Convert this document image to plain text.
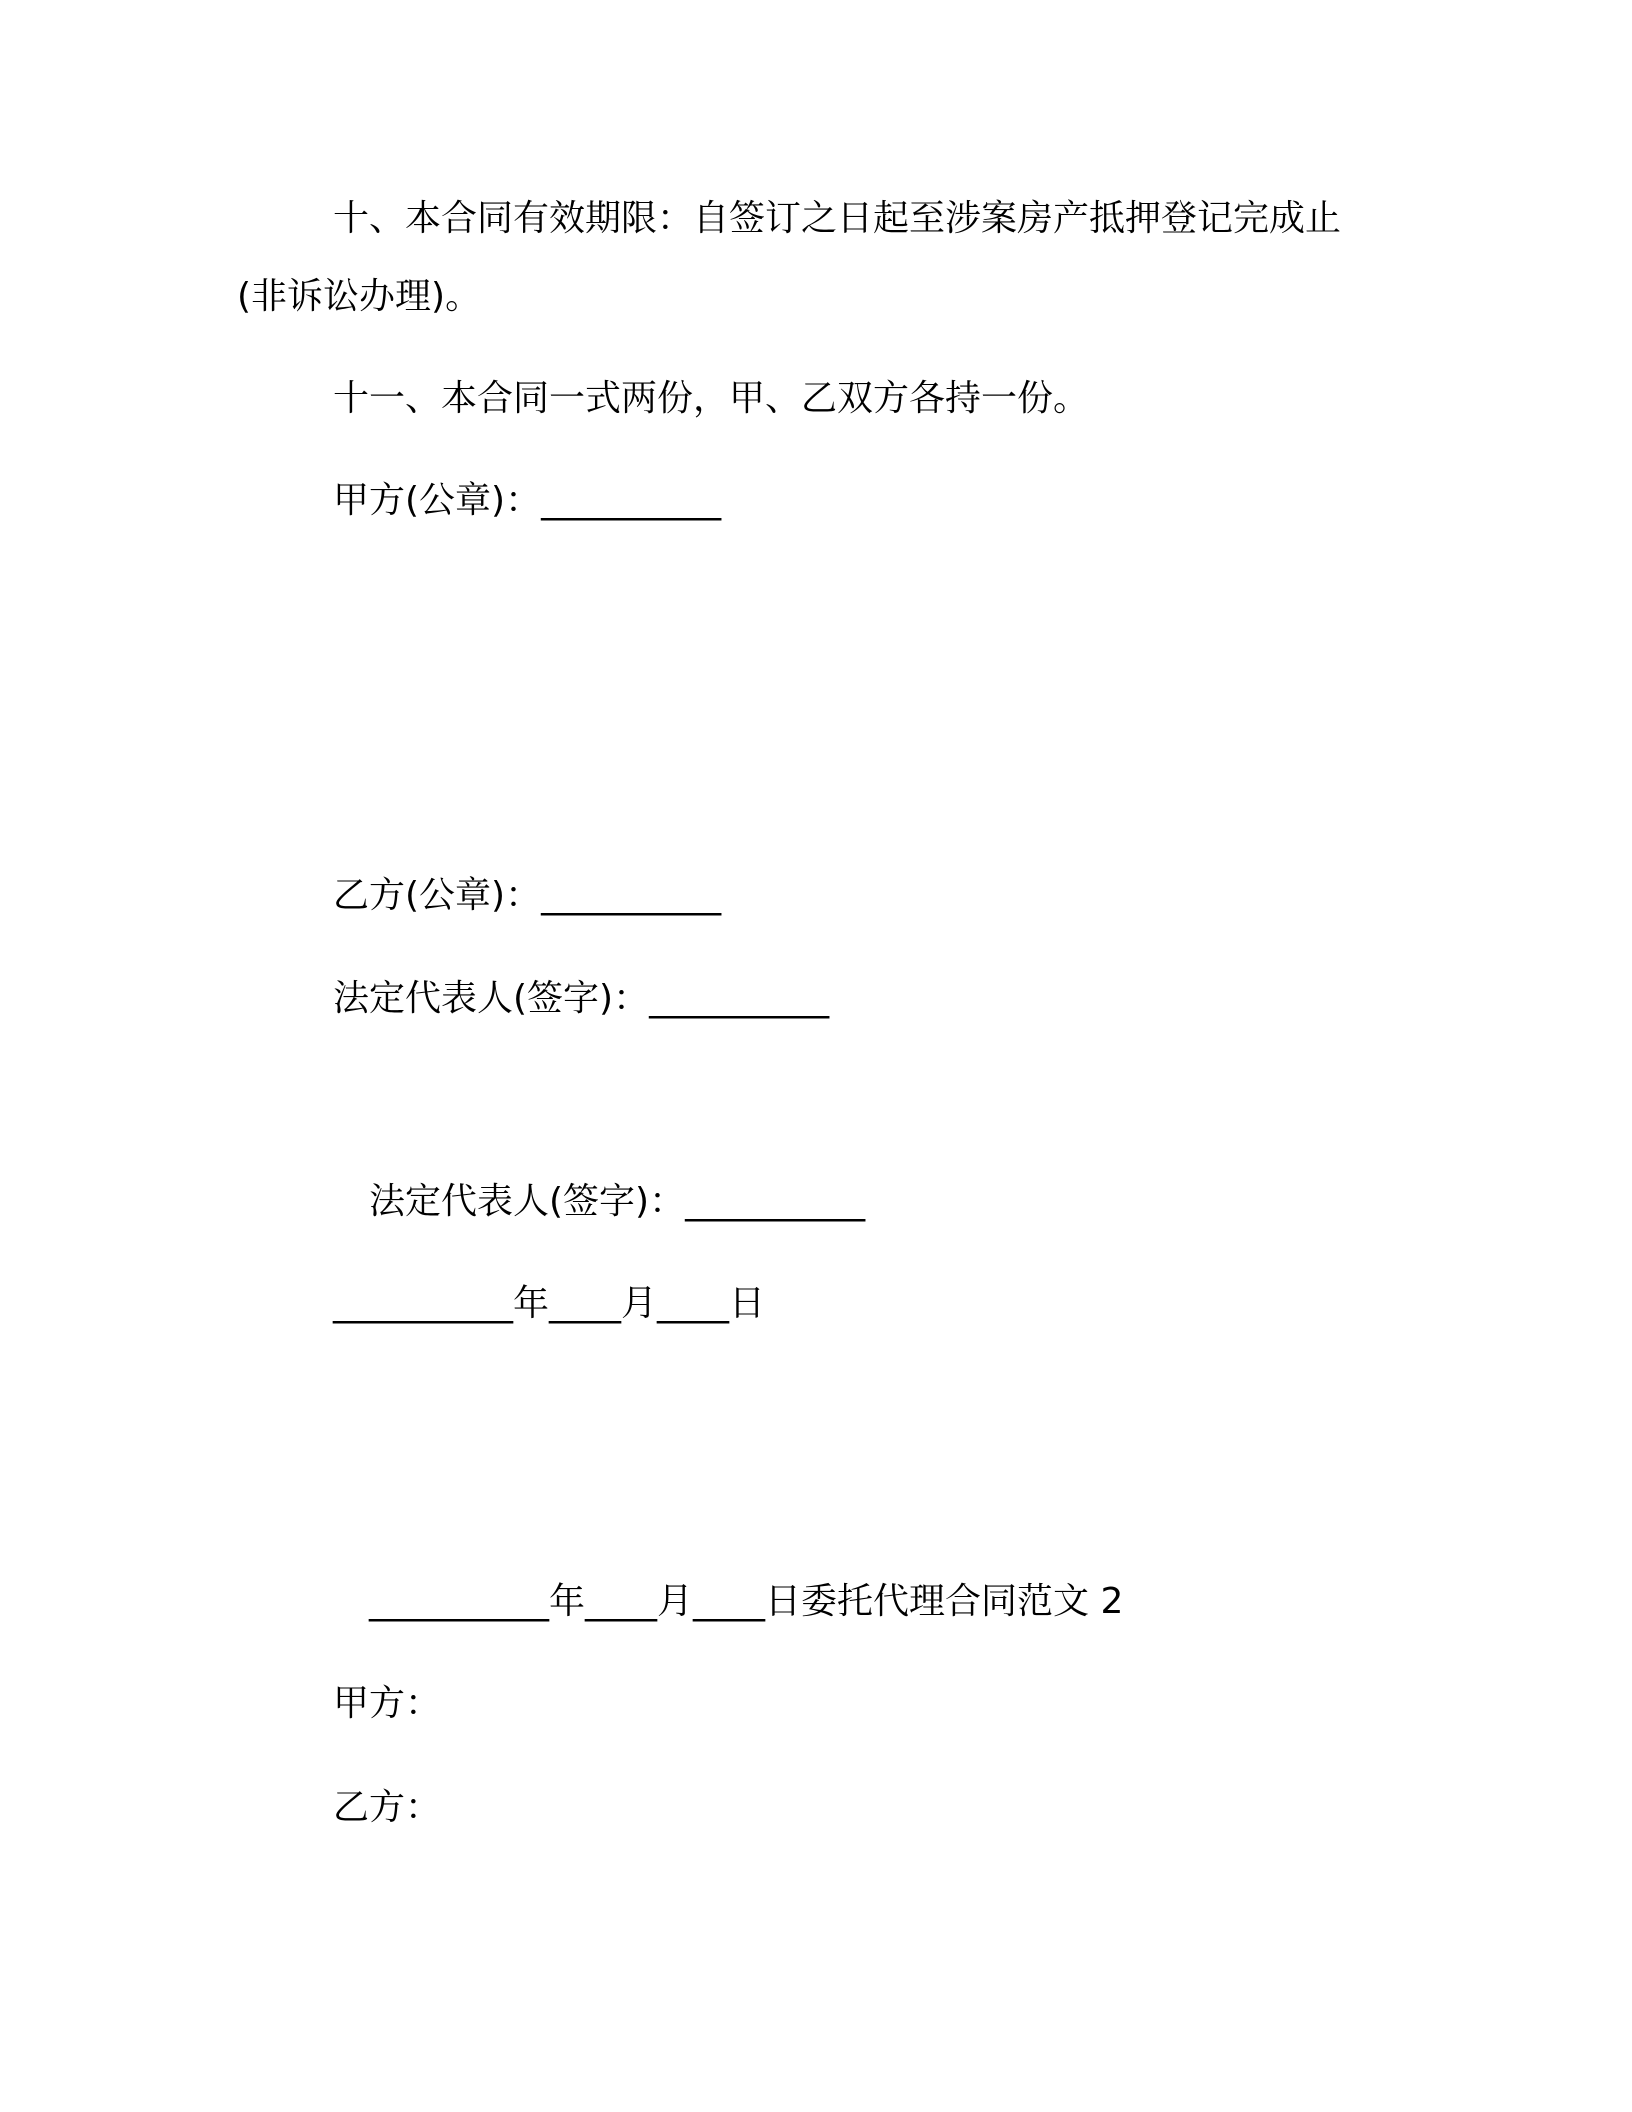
十、本合同有效期限：自签订之日起至涉案房产抵押登记完成止
(非诉讼办理)。
十一、本合同一式两份，甲、乙双方各持一份。
甲方(公章)：__________
乙方(公章)：__________
法定代表人(签字)：__________
法定代表人(签字)：__________
__________年____月____日
__________年____月____日委托代理合同范文 2
甲方：
乙方：
